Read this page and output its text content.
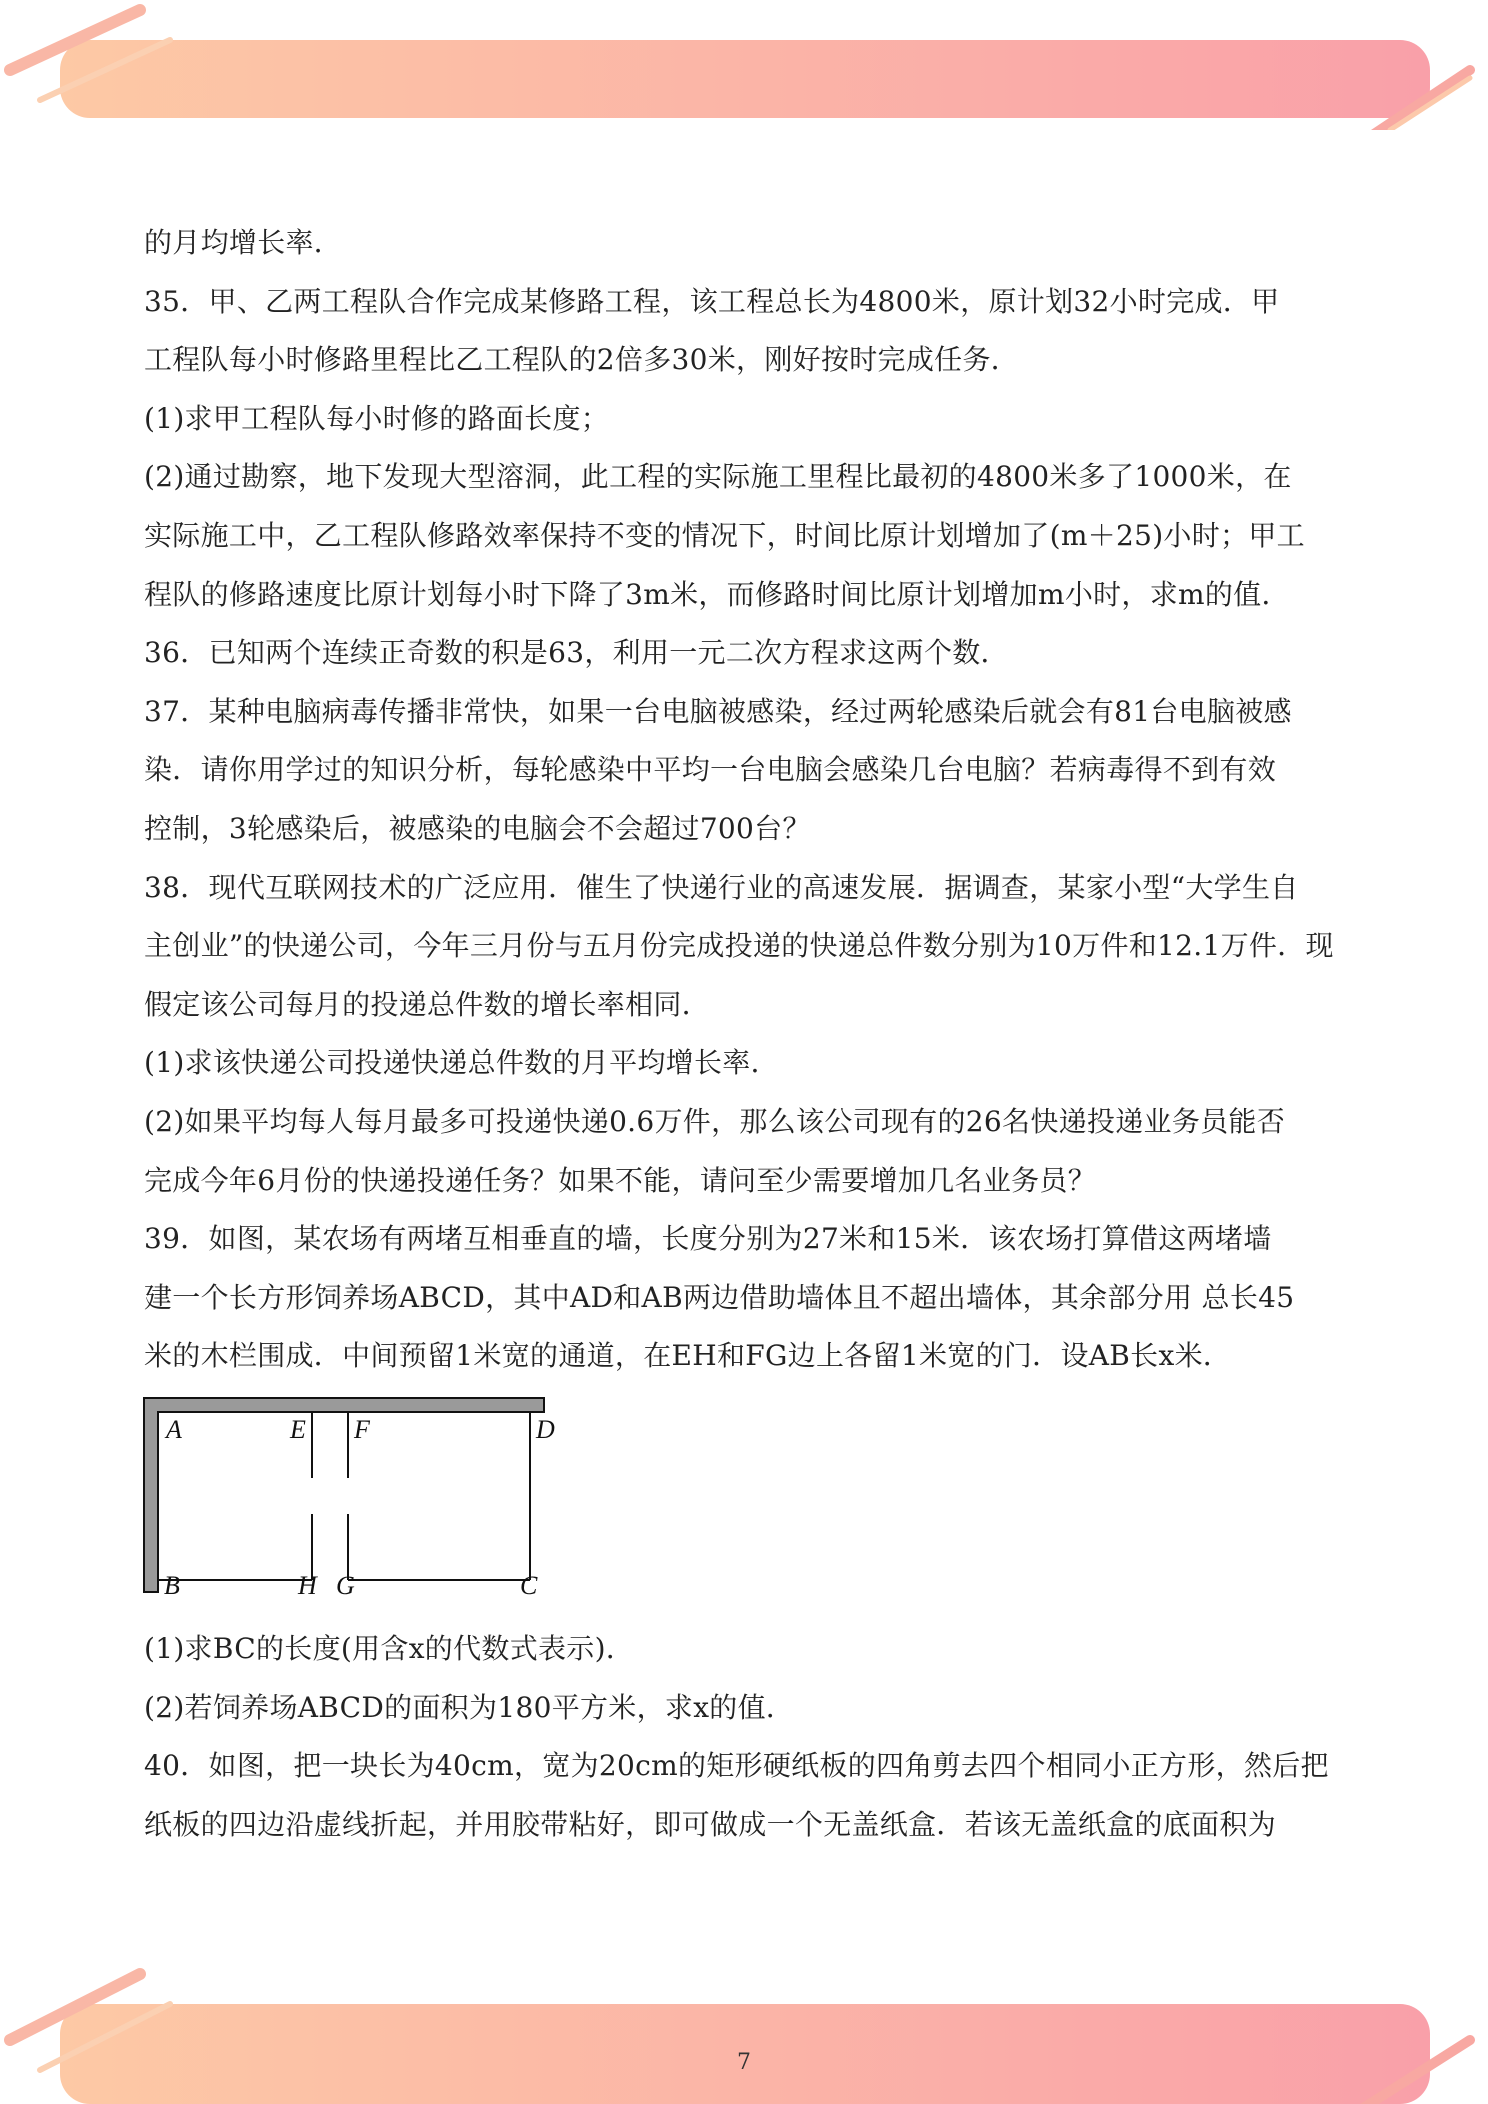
的月均增长率．
35．甲、乙两工程队合作完成某修路工程，该工程总长为4800米，原计划32小时完成．甲
工程队每小时修路里程比乙工程队的2倍多30米，刚好按时完成任务．
(1)求甲工程队每小时修的路面长度；
(2)通过勘察，地下发现大型溶洞，此工程的实际施工里程比最初的4800米多了1000米，在
实际施工中，乙工程队修路效率保持不变的情况下，时间比原计划增加了(m＋25)小时；甲工
程队的修路速度比原计划每小时下降了3m米，而修路时间比原计划增加m小时，求m的值．
36．已知两个连续正奇数的积是63，利用一元二次方程求这两个数．
37．某种电脑病毒传播非常快，如果一台电脑被感染，经过两轮感染后就会有81台电脑被感
染．请你用学过的知识分析，每轮感染中平均一台电脑会感染几台电脑？若病毒得不到有效
控制，3轮感染后，被感染的电脑会不会超过700台？
38．现代互联网技术的广泛应用．催生了快递行业的高速发展．据调查，某家小型“大学生自
主创业”的快递公司，今年三月份与五月份完成投递的快递总件数分别为10万件和12.1万件．现
假定该公司每月的投递总件数的增长率相同．
(1)求该快递公司投递快递总件数的月平均增长率．
(2)如果平均每人每月最多可投递快递0.6万件，那么该公司现有的26名快递投递业务员能否
完成今年6月份的快递投递任务？如果不能，请问至少需要增加几名业务员？
39．如图，某农场有两堵互相垂直的墙，长度分别为27米和15米．该农场打算借这两堵墙
建一个长方形饲养场ABCD，其中AD和AB两边借助墙体且不超出墙体，其余部分用 总长45
米的木栏围成．中间预留1米宽的通道，在EH和FG边上各留1米宽的门．设AB长x米．
A	E F	D
B	H G	C
(1)求BC的长度(用含x的代数式表示)．
(2)若饲养场ABCD的面积为180平方米，求x的值．
40．如图，把一块长为40cm，宽为20cm的矩形硬纸板的四角剪去四个相同小正方形，然后把
纸板的四边沿虚线折起，并用胶带粘好，即可做成一个无盖纸盒．若该无盖纸盒的底面积为
7
